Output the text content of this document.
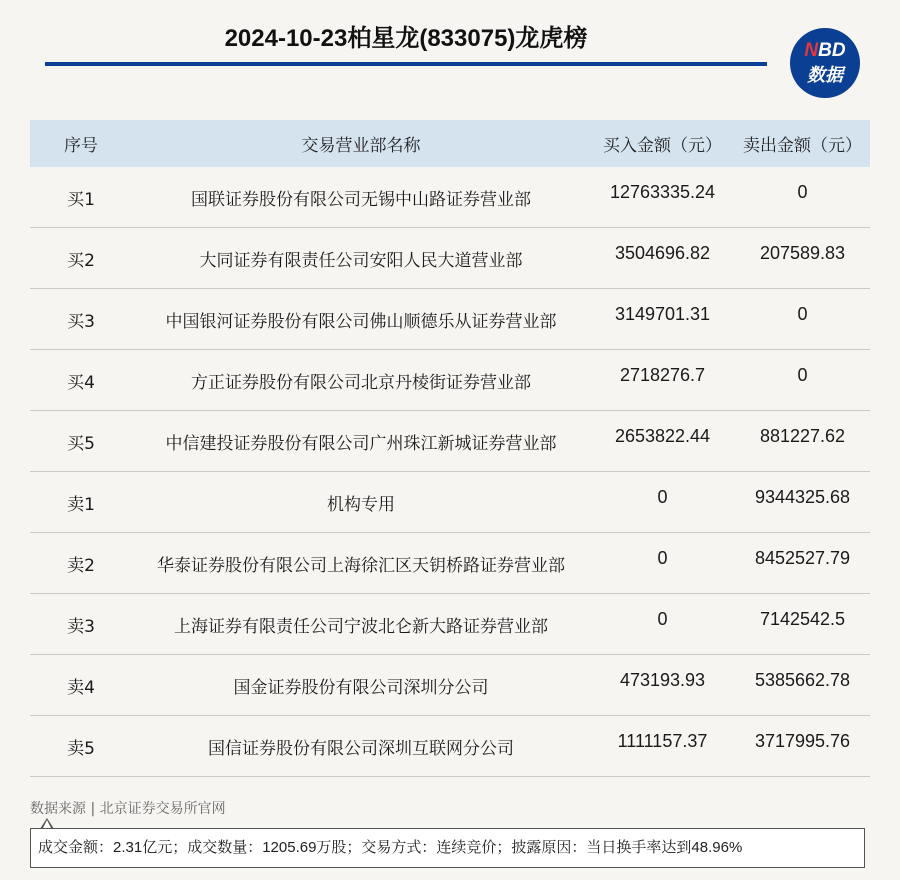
2024-10-23柏星龙(833075)龙虎榜	NBD
数据
序号	交易营业部名称	买入金额（元）	卖出金额（元）
买1	国联证券股份有限公司无锡中山路证券营业部	12763335.24	0
买2	大同证券有限责任公司安阳人民大道营业部	3504696.82	207589.83
买3	中国银河证券股份有限公司佛山顺德乐从证券营业部	3149701.31	0
买4	方正证券股份有限公司北京丹棱街证券营业部	2718276.7	0
买5	中信建投证券股份有限公司广州珠江新城证券营业部	2653822.44	881227.62
卖1	机构专用	0	9344325.68
卖2	华泰证券股份有限公司上海徐汇区天钥桥路证券营业部	0	8452527.79
卖3	上海证券有限责任公司宁波北仑新大路证券营业部	0	7142542.5
卖4	国金证券股份有限公司深圳分公司	473193.93	5385662.78
卖5	国信证券股份有限公司深圳互联网分公司	1111157.37	3717995.76
数据来源 | 北京证券交易所官网
成交金额：2.31亿元；成交数量：1205.69万股；交易方式：连续竞价；披露原因：当日换手率达到48.96%
